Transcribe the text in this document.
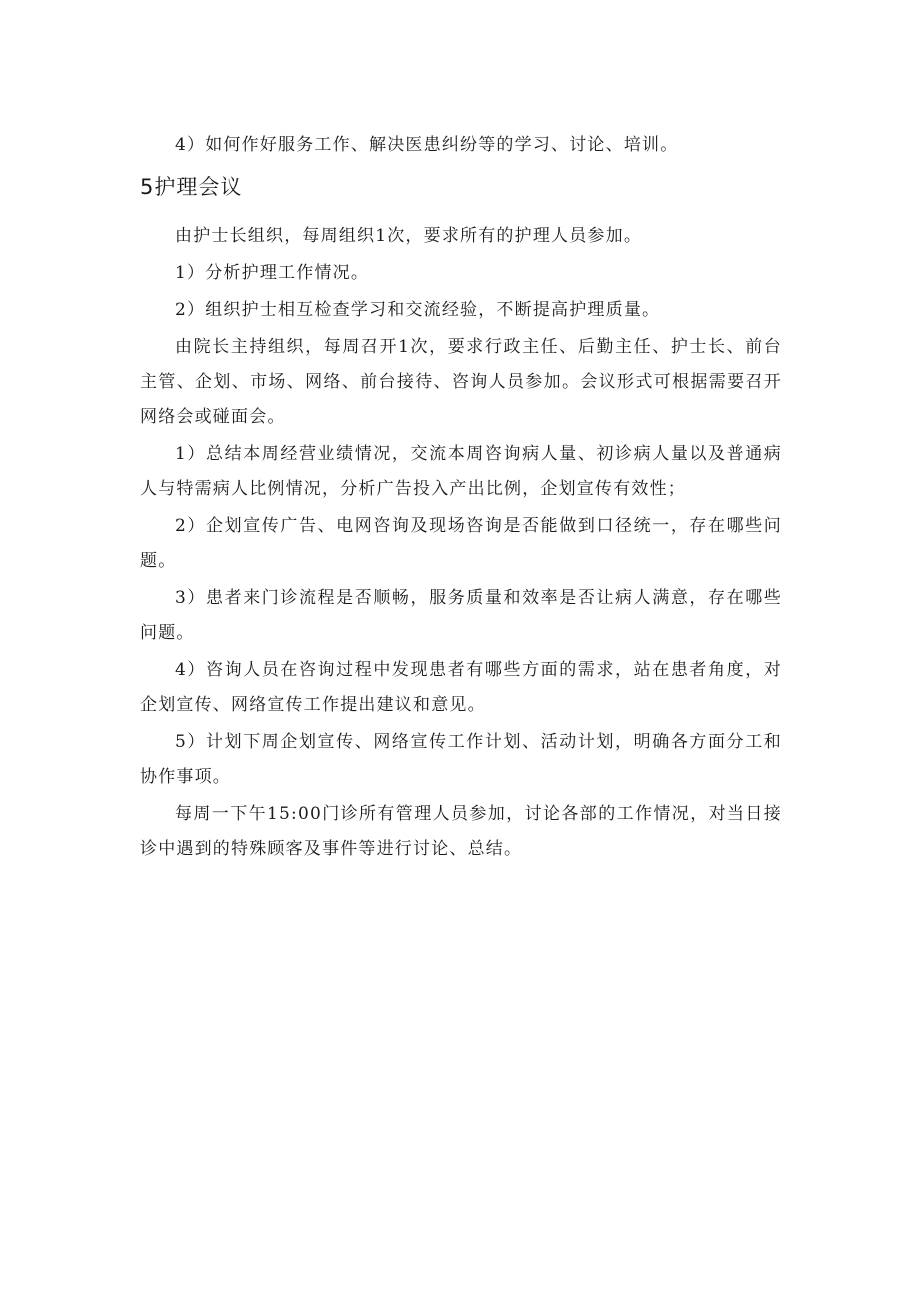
4）如何作好服务工作、解决医患纠纷等的学习、讨论、培训。

5护理会议

由护士长组织，每周组织1次，要求所有的护理人员参加。

1）分析护理工作情况。

2）组织护士相互检查学习和交流经验，不断提高护理质量。

由院长主持组织，每周召开1次，要求行政主任、后勤主任、护士长、前台主管、企划、市场、网络、前台接待、咨询人员参加。会议形式可根据需要召开网络会或碰面会。

1）总结本周经营业绩情况，交流本周咨询病人量、初诊病人量以及普通病人与特需病人比例情况，分析广告投入产出比例，企划宣传有效性；

2）企划宣传广告、电网咨询及现场咨询是否能做到口径统一，存在哪些问题。

3）患者来门诊流程是否顺畅，服务质量和效率是否让病人满意，存在哪些问题。

4）咨询人员在咨询过程中发现患者有哪些方面的需求，站在患者角度，对企划宣传、网络宣传工作提出建议和意见。

5）计划下周企划宣传、网络宣传工作计划、活动计划，明确各方面分工和协作事项。

每周一下午15:00门诊所有管理人员参加，讨论各部的工作情况，对当日接诊中遇到的特殊顾客及事件等进行讨论、总结。
